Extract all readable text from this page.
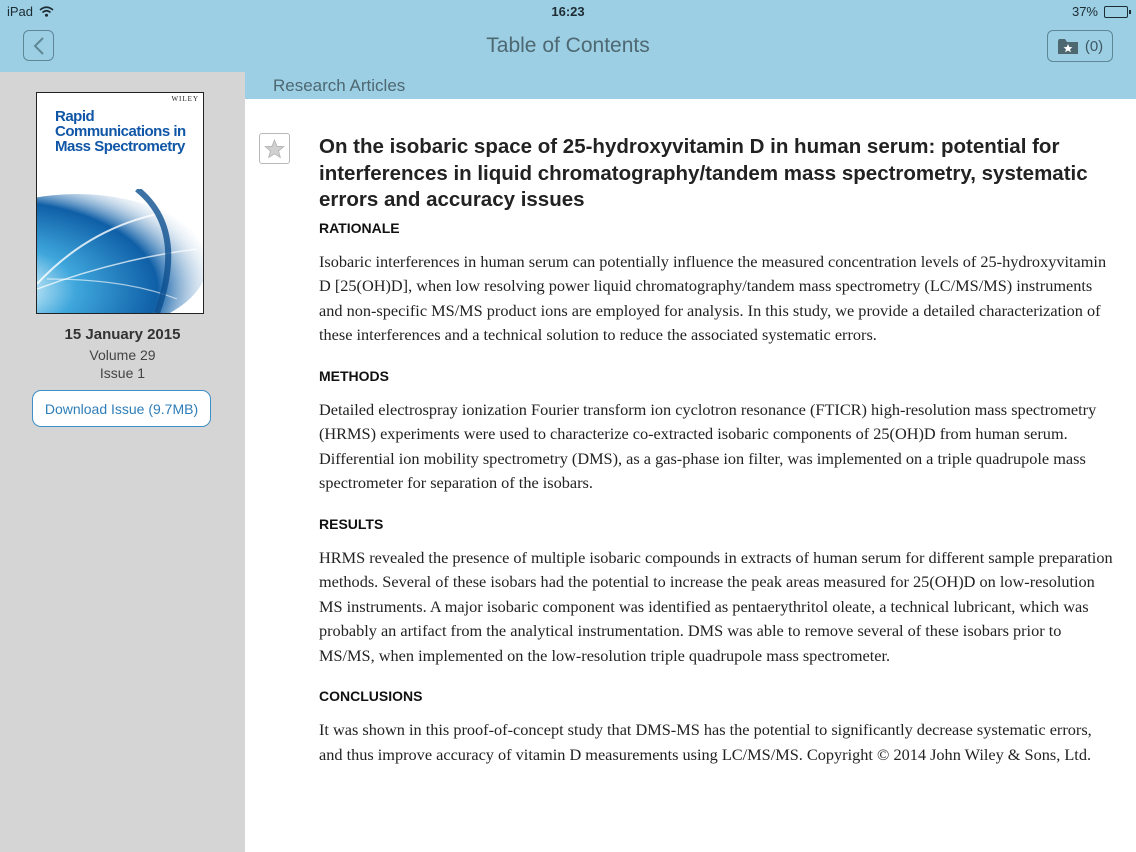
iPad	16:23	37%
Table of Contents	(0)
WILEY
Rapid
Communications in
Mass Spectrometry
15 January 2015
Volume 29
Issue 1
Download Issue (9.7MB)
Research Articles
On the isobaric space of 25-hydroxyvitamin D in human serum: potential for interferences in liquid chromatography/tandem mass spectrometry, systematic errors and accuracy issues
RATIONALE

Isobaric interferences in human serum can potentially influence the measured concentration levels of 25-hydroxyvitamin D [25(OH)D], when low resolving power liquid chromatography/tandem mass spectrometry (LC/MS/MS) instruments and non-specific MS/MS product ions are employed for analysis. In this study, we provide a detailed characterization of these interferences and a technical solution to reduce the associated systematic errors.

METHODS

Detailed electrospray ionization Fourier transform ion cyclotron resonance (FTICR) high-resolution mass spectrometry (HRMS) experiments were used to characterize co-extracted isobaric components of 25(OH)D from human serum. Differential ion mobility spectrometry (DMS), as a gas-phase ion filter, was implemented on a triple quadrupole mass spectrometer for separation of the isobars.

RESULTS

HRMS revealed the presence of multiple isobaric compounds in extracts of human serum for different sample preparation methods. Several of these isobars had the potential to increase the peak areas measured for 25(OH)D on low-resolution MS instruments. A major isobaric component was identified as pentaerythritol oleate, a technical lubricant, which was probably an artifact from the analytical instrumentation. DMS was able to remove several of these isobars prior to MS/MS, when implemented on the low-resolution triple quadrupole mass spectrometer.

CONCLUSIONS

It was shown in this proof-of-concept study that DMS-MS has the potential to significantly decrease systematic errors, and thus improve accuracy of vitamin D measurements using LC/MS/MS. Copyright © 2014 John Wiley & Sons, Ltd.
